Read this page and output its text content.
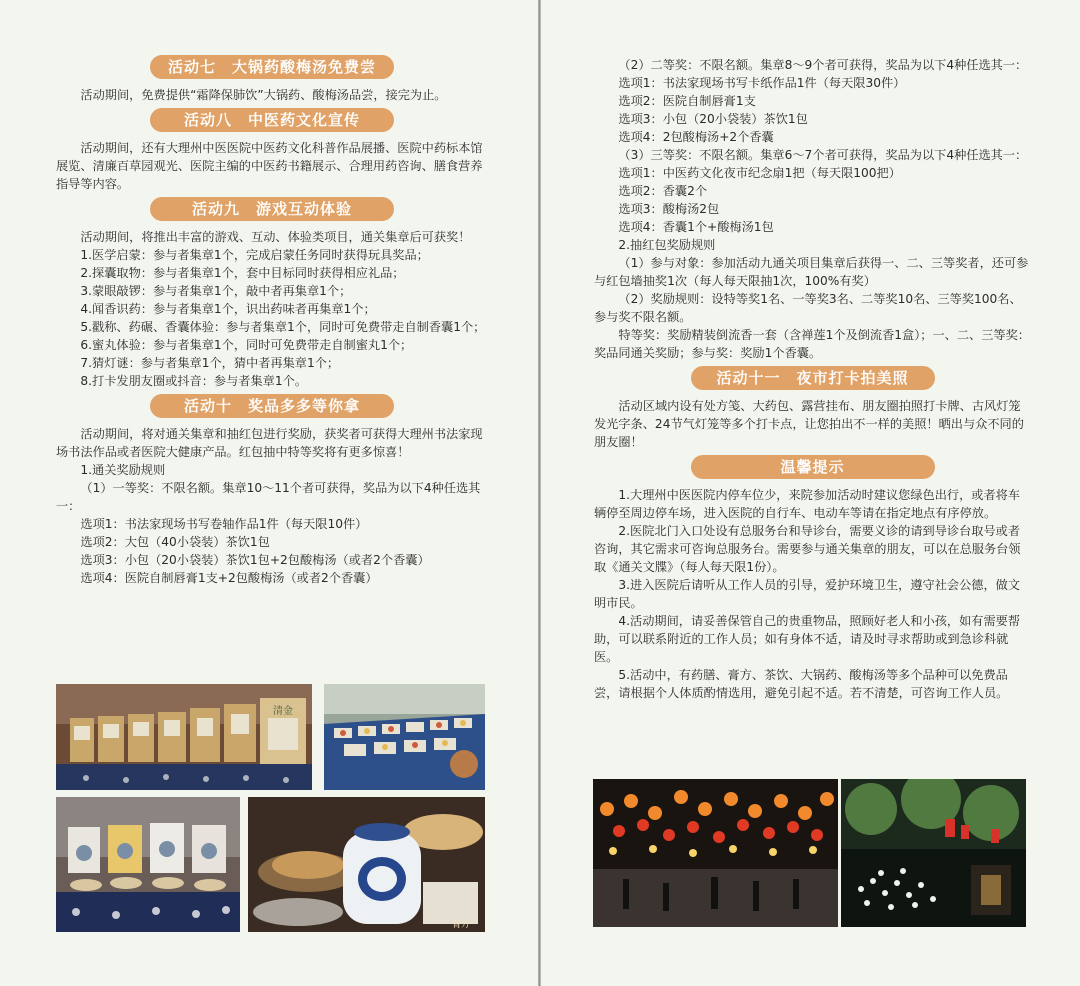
活动七　大锅药酸梅汤免费尝

活动期间，免费提供“霜降保肺饮”大锅药、酸梅汤品尝，接完为止。

活动八　中医药文化宣传

活动期间，还有大理州中医医院中医药文化科普作品展播、医院中药标本馆展览、清廉百草园观光、医院主编的中医药书籍展示、合理用药咨询、膳食营养指导等内容。

活动九　游戏互动体验

活动期间，将推出丰富的游戏、互动、体验类项目，通关集章后可获奖！

1.医学启蒙：参与者集章1个，完成启蒙任务同时获得玩具奖品；

2.探囊取物：参与者集章1个，套中目标同时获得相应礼品；

3.蒙眼敲锣：参与者集章1个，敲中者再集章1个；

4.闻香识药：参与者集章1个，识出药味者再集章1个；

5.戳称、药碾、香囊体验：参与者集章1个，同时可免费带走自制香囊1个；

6.蜜丸体验：参与者集章1个，同时可免费带走自制蜜丸1个；

7.猜灯谜：参与者集章1个，猜中者再集章1个；

8.打卡发朋友圈或抖音：参与者集章1个。

活动十　奖品多多等你拿

活动期间，将对通关集章和抽红包进行奖励，获奖者可获得大理州书法家现场书法作品或者医院大健康产品。红包抽中特等奖将有更多惊喜！

1.通关奖励规则

（1）一等奖：不限名额。集章10～11个者可获得，奖品为以下4种任选其一：

选项1：书法家现场书写卷轴作品1件（每天限10件）

选项2：大包（40小袋装）茶饮1包

选项3：小包（20小袋装）茶饮1包+2包酸梅汤（或者2个香囊）

选项4：医院自制唇膏1支+2包酸梅汤（或者2个香囊）

清金
膏方

（2）二等奖：不限名额。集章8～9个者可获得，奖品为以下4种任选其一：

选项1：书法家现场书写卡纸作品1件（每天限30件）

选项2：医院自制唇膏1支

选项3：小包（20小袋装）茶饮1包

选项4：2包酸梅汤+2个香囊

（3）三等奖：不限名额。集章6～7个者可获得，奖品为以下4种任选其一：

选项1：中医药文化夜市纪念扇1把（每天限100把）

选项2：香囊2个

选项3：酸梅汤2包

选项4：香囊1个+酸梅汤1包

2.抽红包奖励规则

（1）参与对象：参加活动九通关项目集章后获得一、二、三等奖者，还可参与红包墙抽奖1次（每人每天限抽1次，100%有奖）

（2）奖励规则：设特等奖1名、一等奖3名、二等奖10名、三等奖100名、参与奖不限名额。

特等奖：奖励精装倒流香一套（含禅莲1个及倒流香1盒）；一、二、三等奖：奖品同通关奖励；参与奖：奖励1个香囊。

活动十一　夜市打卡拍美照

活动区域内设有处方笺、大药包、露营挂布、朋友圈拍照打卡牌、古风灯笼发光字条、24节气灯笼等多个打卡点，让您拍出不一样的美照！晒出与众不同的朋友圈！

温馨提示

1.大理州中医医院内停车位少，来院参加活动时建议您绿色出行，或者将车辆停至周边停车场，进入医院的自行车、电动车等请在指定地点有序停放。

2.医院北门入口处设有总服务台和导诊台，需要义诊的请到导诊台取号或者咨询，其它需求可咨询总服务台。需要参与通关集章的朋友，可以在总服务台领取《通关文牒》（每人每天限1份）。

3.进入医院后请听从工作人员的引导，爱护环境卫生，遵守社会公德，做文明市民。

4.活动期间，请妥善保管自己的贵重物品，照顾好老人和小孩，如有需要帮助，可以联系附近的工作人员；如有身体不适，请及时寻求帮助或到急诊科就医。

5.活动中，有药膳、膏方、茶饮、大锅药、酸梅汤等多个品种可以免费品尝，请根据个人体质酌情选用，避免引起不适。若不清楚，可咨询工作人员。
